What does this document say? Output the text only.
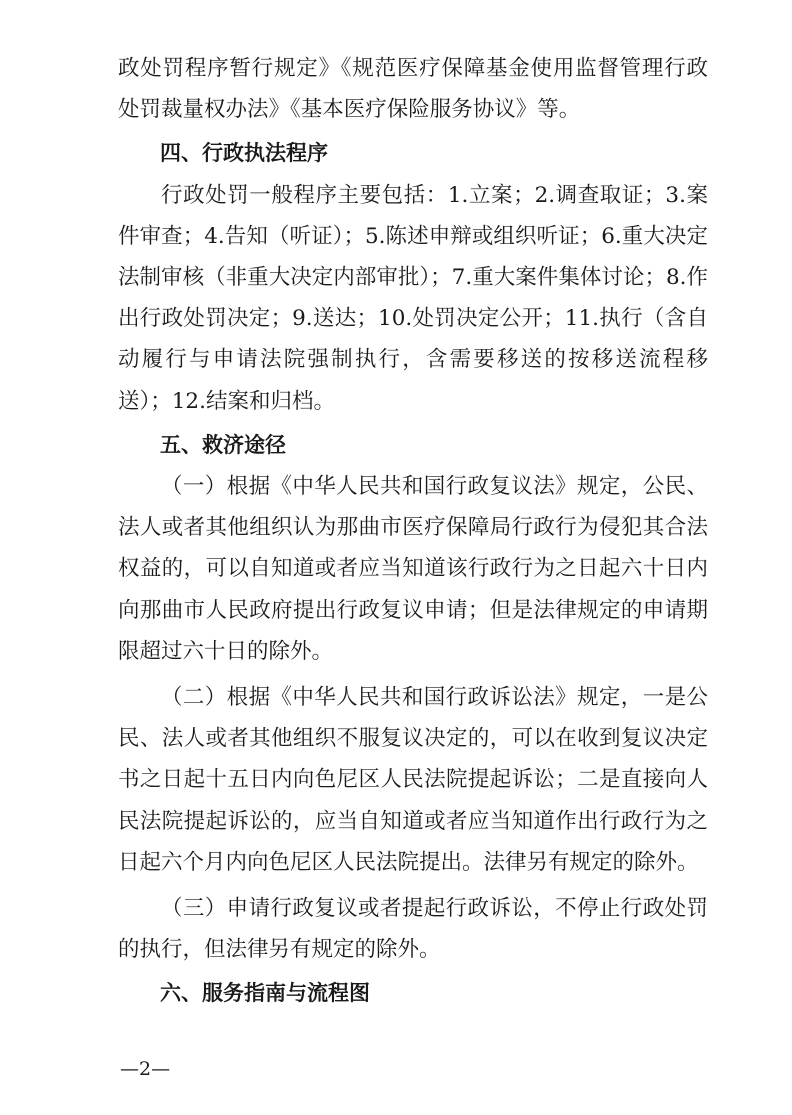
政处罚程序暂行规定》《规范医疗保障基金使用监督管理行政处罚裁量权办法》《基本医疗保险服务协议》等。

四、行政执法程序

行政处罚一般程序主要包括：1.立案；2.调查取证；3.案件审查；4.告知（听证）；5.陈述申辩或组织听证；6.重大决定法制审核（非重大决定内部审批）；7.重大案件集体讨论；8.作出行政处罚决定；9.送达；10.处罚决定公开；11.执行（含自动履行与申请法院强制执行，含需要移送的按移送流程移送）；12.结案和归档。

五、救济途径

（一）根据《中华人民共和国行政复议法》规定，公民、法人或者其他组织认为那曲市医疗保障局行政行为侵犯其合法权益的，可以自知道或者应当知道该行政行为之日起六十日内向那曲市人民政府提出行政复议申请；但是法律规定的申请期限超过六十日的除外。

（二）根据《中华人民共和国行政诉讼法》规定，一是公民、法人或者其他组织不服复议决定的，可以在收到复议决定书之日起十五日内向色尼区人民法院提起诉讼；二是直接向人民法院提起诉讼的，应当自知道或者应当知道作出行政行为之日起六个月内向色尼区人民法院提出。法律另有规定的除外。

（三）申请行政复议或者提起行政诉讼，不停止行政处罚的执行，但法律另有规定的除外。

六、服务指南与流程图

—2—
